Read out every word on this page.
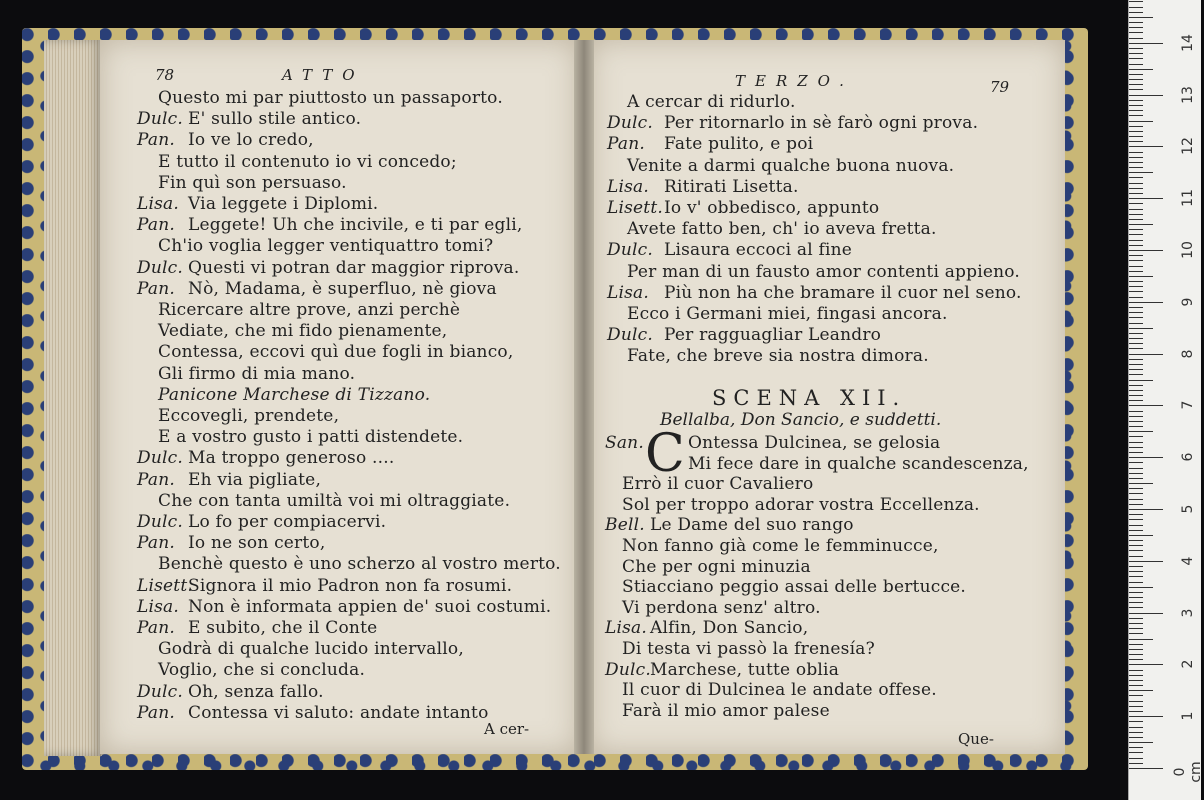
0 cm
1
2
3
4
5
6
7
8
9
10
11
12
13
14
78	ATTO	TERZO.	79
Questo mi par piuttosto un passaporto.
Dulc. E' sullo stile antico.
Pan. Io ve lo credo,
E tutto il contenuto io vi concedo;
Fin quì son persuaso.
Lisa. Via leggete i Diplomi.
Pan. Leggete! Uh che incivile, e ti par egli,
Ch'io voglia legger ventiquattro tomi?
Dulc. Questi vi potran dar maggior riprova.
Pan. Nò, Madama, è superfluo, nè giova
Ricercare altre prove, anzi perchè
Vediate, che mi fido pienamente,
Contessa, eccovi quì due fogli in bianco,
Gli firmo di mia mano.
Panicone Marchese di Tizzano.
Eccovegli, prendete,
E a vostro gusto i patti distendete.
Dulc. Ma troppo generoso ....
Pan. Eh via pigliate,
Che con tanta umiltà voi mi oltraggiate.
Dulc. Lo fo per compiacervi.
Pan. Io ne son certo,
Benchè questo è uno scherzo al vostro merto.
Lisett.
Signora il mio Padron non fa rosumi.
Lisa. Non è informata appien de' suoi costumi.
Pan. E subito, che il Conte
Godrà di qualche lucido intervallo,
Voglio, che si concluda.
Dulc. Oh, senza fallo.
Pan. Contessa vi saluto: andate intanto
A cercar di ridurlo.
Dulc. Per ritornarlo in sè farò ogni prova.
Pan. Fate pulito, e poi
Venite a darmi qualche buona nuova.
Lisa. Ritirati Lisetta.
Lisett. Io v' obbedisco, appunto
Avete fatto ben, ch' io aveva fretta.
Dulc. Lisaura eccoci al fine
Per man di un fausto amor contenti appieno.
Lisa. Più non ha che bramare il cuor nel seno.
Ecco i Germani miei, fingasi ancora.
Dulc. Per ragguagliar Leandro
Fate, che breve sia nostra dimora.
San.	Ontessa Dulcinea, se gelosia
Mi fece dare in qualche scandescenza,
Errò il cuor Cavaliero
Sol per troppo adorar vostra Eccellenza.
Bell. Le Dame del suo rango
Non fanno già come le femminucce,
Che per ogni minuzia
Stiacciano peggio assai delle bertucce.
Vi perdona senz' altro.
Lisa. Alfin, Don Sancio,
Di testa vi passò la frenesía?
Dulc. Marchese, tutte oblia
Il cuor di Dulcinea le andate offese.
Farà il mio amor palese
SCENA XII.
Bellalba, Don Sancio, e suddetti.
C
A cer-
Que-
